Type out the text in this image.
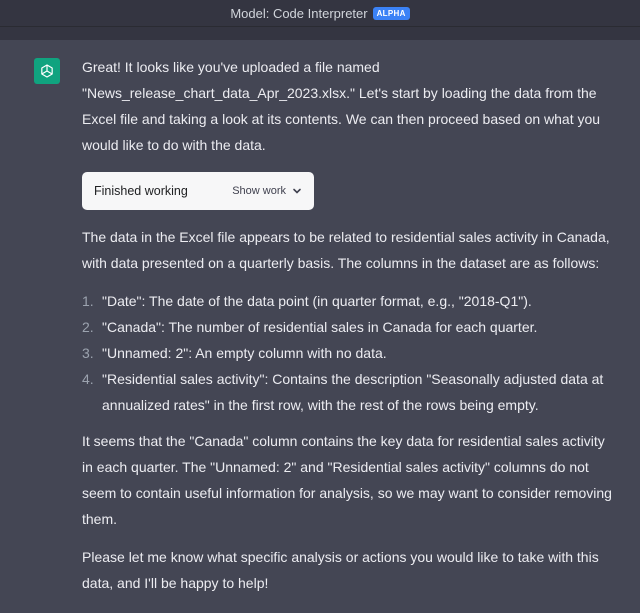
Model: Code Interpreter	ALPHA

Great! It looks like you've uploaded a file named "News_release_chart_data_Apr_2023.xlsx." Let's start by loading the data from the Excel file and taking a look at its contents. We can then proceed based on what you would like to do with the data.

Finished working	Show work

The data in the Excel file appears to be related to residential sales activity in Canada, with data presented on a quarterly basis. The columns in the dataset are as follows:

1. "Date": The date of the data point (in quarter format, e.g., "2018-Q1").
2. "Canada": The number of residential sales in Canada for each quarter.
3. "Unnamed: 2": An empty column with no data.
4. "Residential sales activity": Contains the description "Seasonally adjusted data at annualized rates" in the first row, with the rest of the rows being empty.

It seems that the "Canada" column contains the key data for residential sales activity in each quarter. The "Unnamed: 2" and "Residential sales activity" columns do not seem to contain useful information for analysis, so we may want to consider removing them.

Please let me know what specific analysis or actions you would like to take with this data, and I'll be happy to help!
